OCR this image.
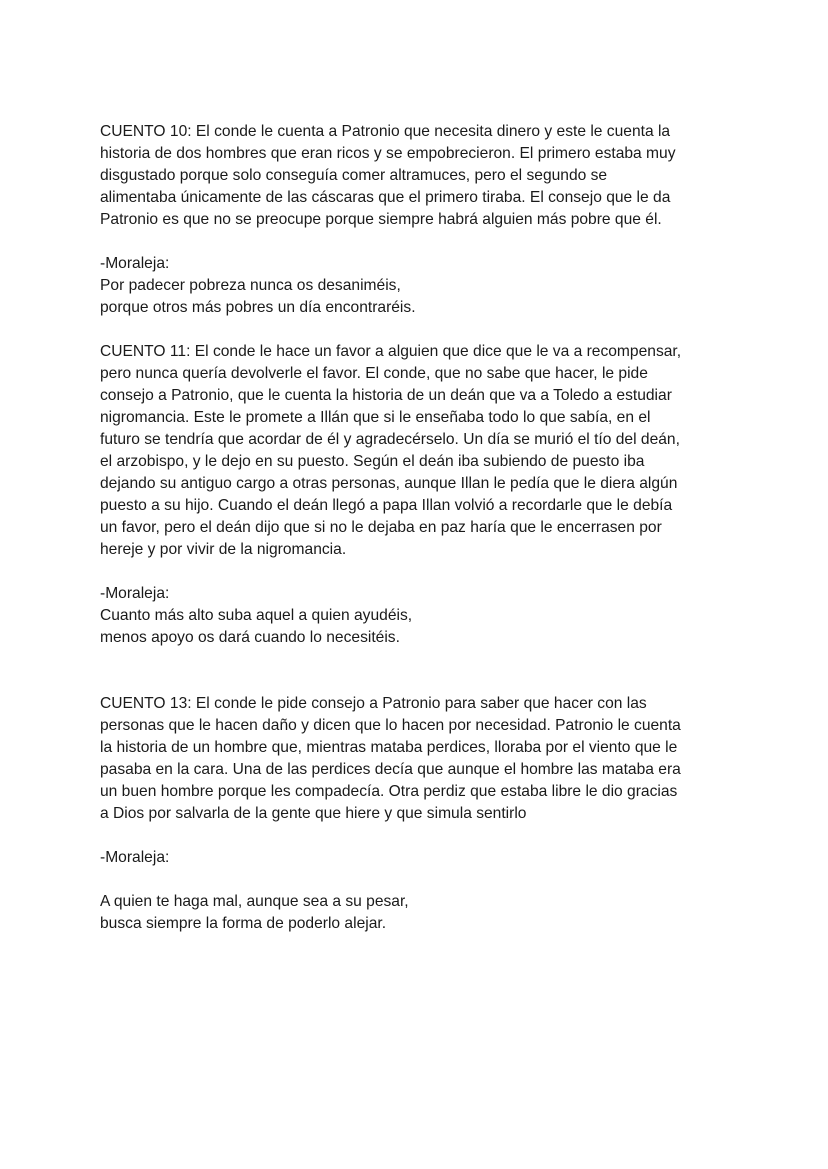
CUENTO 10: El conde le cuenta a Patronio que necesita dinero y este le cuenta la
historia de dos hombres que eran ricos y se empobrecieron. El primero estaba muy
disgustado porque solo conseguía comer altramuces, pero el segundo se
alimentaba únicamente de las cáscaras que el primero tiraba. El consejo que le da
Patronio es que no se preocupe porque siempre habrá alguien más pobre que él.
-Moraleja:
Por padecer pobreza nunca os desaniméis,
porque otros más pobres un día encontraréis.
CUENTO 11: El conde le hace un favor a alguien que dice que le va a recompensar,
pero nunca quería devolverle el favor. El conde, que no sabe que hacer, le pide
consejo a Patronio, que le cuenta la historia de un deán que va a Toledo a estudiar
nigromancia. Este le promete a Illán que si le enseñaba todo lo que sabía, en el
futuro se tendría que acordar de él y agradecérselo. Un día se murió el tío del deán,
el arzobispo, y le dejo en su puesto. Según el deán iba subiendo de puesto iba
dejando su antiguo cargo a otras personas, aunque Illan le pedía que le diera algún
puesto a su hijo. Cuando el deán llegó a papa Illan volvió a recordarle que le debía
un favor, pero el deán dijo que si no le dejaba en paz haría que le encerrasen por
hereje y por vivir de la nigromancia.
-Moraleja:
Cuanto más alto suba aquel a quien ayudéis,
menos apoyo os dará cuando lo necesitéis.
CUENTO 13: El conde le pide consejo a Patronio para saber que hacer con las
personas que le hacen daño y dicen que lo hacen por necesidad. Patronio le cuenta
la historia de un hombre que, mientras mataba perdices, lloraba por el viento que le
pasaba en la cara. Una de las perdices decía que aunque el hombre las mataba era
un buen hombre porque les compadecía. Otra perdiz que estaba libre le dio gracias
a Dios por salvarla de la gente que hiere y que simula sentirlo
-Moraleja:
A quien te haga mal, aunque sea a su pesar,
busca siempre la forma de poderlo alejar.
